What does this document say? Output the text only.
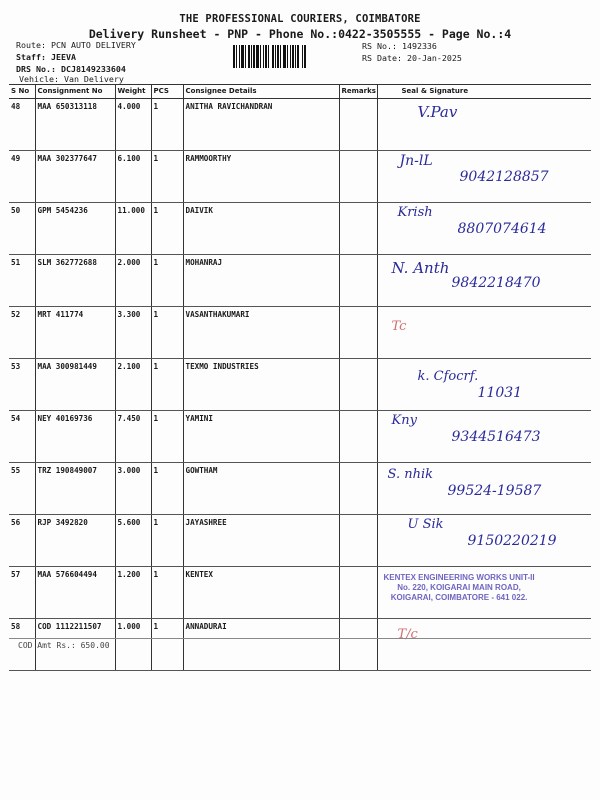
THE PROFESSIONAL COURIERS, COIMBATORE
Delivery Runsheet - PNP - Phone No.:0422-3505555 - Page No.:4
Route: PCN AUTO DELIVERY
Staff: JEEVA
DRS No.: DCJ8149233604
Vehicle: Van Delivery
RS No.: 1492336
RS Date: 20-Jan-2025
S No	Consignment No	Weight	PCS	Consignee Details	Remarks	Seal & Signature
48	MAA 650313118	4.000	1	ANITHA RAVICHANDRAN		V.Pav

49	MAA 302377647	6.100	1	RAMMOORTHY		Jn-lL
9042128857

50	GPM 5454236	11.000	1	DAIVIK		Krish
8807074614

51	SLM 362772688	2.000	1	MOHANRAJ		N. Anth
9842218470

52	MRT 411774	3.300	1	VASANTHAKUMARI		Tc

53	MAA 300981449	2.100	1	TEXMO INDUSTRIES		k. Cfocrf.
11031

54	NEY 40169736	7.450	1	YAMINI		Kny
9344516473

55	TRZ 190849007	3.000	1	GOWTHAM		S. nhik
99524-19587

56	RJP 3492820	5.600	1	JAYASHREE		U Sik
9150220219

57	MAA 576604494	1.200	1	KENTEX		KENTEX ENGINEERING WORKS UNIT-II
No. 220, KOIGARAI MAIN ROAD,
KOIGARAI, COIMBATORE - 641 022.

58	COD 1112211507	1.000	1	ANNADURAI		T/c
COD Amt Rs.: 650.00
